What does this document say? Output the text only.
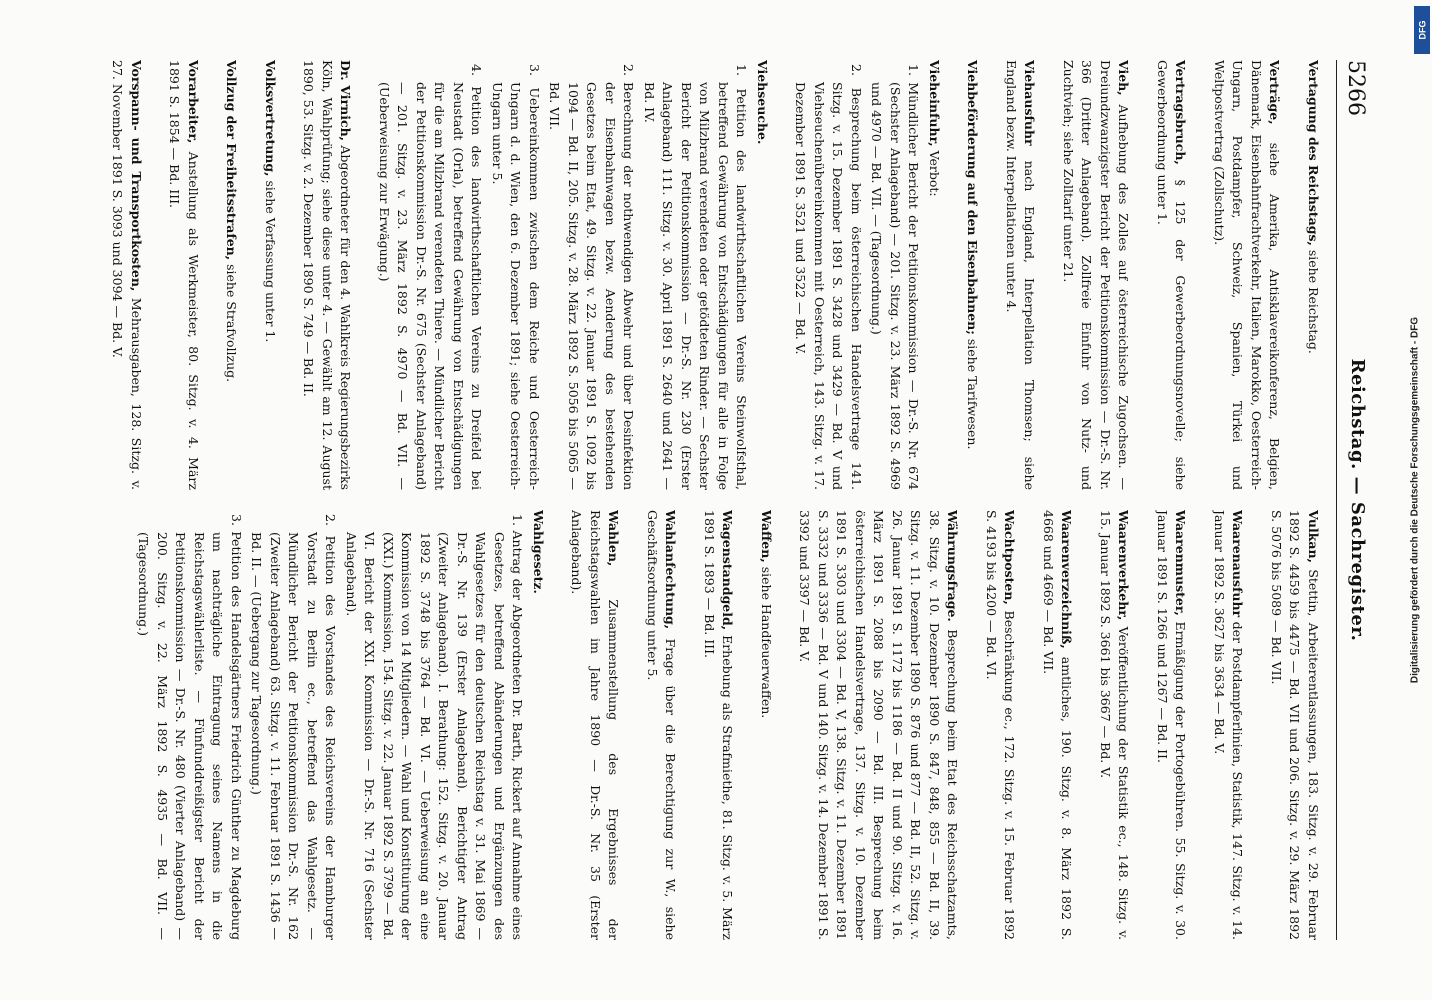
5266
Reichstag. — Sachregister.
Vertagung des Reichstags, siehe Reichstag.
Verträge, siehe Amerika, Antisklavereikonferenz, Belgien, Dänemark, Eisenbahnfrachtverkehr, Italien, Marokko, Oesterreich-Ungarn, Postdampfer, Schweiz, Spanien, Türkei und Weltpostvertrag (Zollschutz).
Vertragsbruch, § 125 der Gewerbeordnungsnovelle; siehe Gewerbeordnung unter 1.
Vieh, Aufhebung des Zolles auf österreichische Zugochsen. — Dreiundzwanzigster Bericht der Petitionskommission — Dr.-S. Nr. 366 (Dritter Anlageband). Zollfreie Einfuhr von Nutz- und Zuchtvieh; siehe Zolltarif unter 21.
Viehausfuhr nach England, Interpellation Thomsen; siehe England bezw. Interpellationen unter 4.
Viehbeförderung auf den Eisenbahnen; siehe Tarifwesen.
Vieheinfuhr, Verbot:
1. Mündlicher Bericht der Petitionskommission — Dr.-S. Nr. 674 (Sechster Anlageband) — 201. Sitzg. v. 23. März 1892 S. 4969 und 4970 — Bd. VII. — (Tagesordnung.)
2. Besprechung beim österreichischen Handelsvertrage 141. Sitzg. v. 15. Dezember 1891 S. 3428 und 3429 — Bd. V und Viehseuchenübereinkommen mit Oesterreich, 143. Sitzg. v. 17. Dezember 1891 S. 3521 und 3522 — Bd. V.
Viehseuche.
1. Petition des landwirthschaftlichen Vereins Steinwolfsthal, betreffend Gewährung von Entschädigungen für alle in Folge von Milzbrand verendeten oder getödteten Rinder. — Sechster Bericht der Petitionskommission — Dr.-S. Nr. 230 (Erster Anlageband) 111. Sitzg. v. 30. April 1891 S. 2640 und 2641 — Bd. IV.
2. Berechnung der nothwendigen Abwehr und über Desinfektion der Eisenbahnwagen bezw. Aenderung des bestehenden Gesetzes beim Etat, 49. Sitzg. v. 22. Januar 1891 S. 1092 bis 1094 — Bd. II, 205. Sitzg. v. 28. März 1892 S. 5056 bis 5065 — Bd. VII.
3. Uebereinkommen zwischen dem Reiche und Oesterreich-Ungarn d. d. Wien, den 6. Dezember 1891; siehe Oesterreich-Ungarn unter 5.
4. Petition des landwirthschaftlichen Vereins zu Dreifeld bei Neustadt (Orla), betreffend Gewährung von Entschädigungen für die am Milzbrand verendeten Thiere. — Mündlicher Bericht der Petitionskommission Dr.-S. Nr. 675 (Sechster Anlageband) — 201. Sitzg. v. 23. März 1892 S. 4970 — Bd. VII. — (Ueberweisung zur Erwägung.)
Dr. Virnich, Abgeordneter für den 4. Wahlkreis Regierungsbezirks Köln, Wahlprüfung; siehe diese unter 4. — Gewählt am 12. August 1890, 53. Sitzg. v. 2. Dezember 1890 S. 749 — Bd. II.
Volksvertretung, siehe Verfassung unter 1.
Vollzug der Freiheitsstrafen, siehe Strafvollzug.
Vorarbeiter, Anstellung als Werkmeister, 80. Sitzg. v. 4. März 1891 S. 1854 — Bd. III.
Vorspann- und Transportkosten, Mehrausgaben, 128. Sitzg. v. 27. November 1891 S. 3093 und 3094 — Bd. V.
Vulkan, Stettin, Arbeiterentlassungen, 183. Sitzg. v. 29. Februar 1892 S. 4459 bis 4475 — Bd. VII und 206. Sitzg. v. 29. März 1892 S. 5076 bis 5089 — Bd. VII.
Waarenausfuhr der Postdampferlinien, Statistik, 147. Sitzg. v. 14. Januar 1892 S. 3627 bis 3634 — Bd. V.
Waarenmuster, Ermäßigung der Portogebühren. 55. Sitzg. v. 30. Januar 1891 S. 1266 und 1267 — Bd. II.
Waarenverkehr, Veröffentlichung der Statistik ec., 148. Sitzg. v. 15. Januar 1892 S. 3661 bis 3667 — Bd. V.
Waarenverzeichniß, amtliches, 190. Sitzg. v. 8. März 1892 S. 4668 und 4669 — Bd. VII.
Wachtposten, Beschränkung ec., 172. Sitzg. v. 15. Februar 1892 S. 4193 bis 4200 — Bd. VI.
Währungsfrage. Besprechung beim Etat des Reichsschatzamts, 38. Sitzg. v. 10. Dezember 1890 S. 847, 848, 855 — Bd. II, 39. Sitzg. v. 11. Dezember 1890 S. 876 und 877 — Bd. II, 52. Sitzg. v. 26. Januar 1891 S. 1172 bis 1186 — Bd. II und 90. Sitzg. v. 16. März 1891 S. 2088 bis 2090 — Bd. III. Besprechung beim österreichischen Handelsvertrage, 137. Sitzg. v. 10. Dezember 1891 S. 3303 und 3304 — Bd. V, 138. Sitzg. v. 11. Dezember 1891 S. 3332 und 3336 — Bd. V und 140. Sitzg. v. 14. Dezember 1891 S. 3392 und 3397 — Bd. V.
Waffen, siehe Handfeuerwaffen.
Wagenstandgeld, Erhebung als Strafmiethe, 81. Sitzg. v. 5. März 1891 S. 1893 — Bd. III.
Wahlanfechtung, Frage über die Berechtigung zur W., siehe Geschäftsordnung unter 5.
Wahlen, Zusammenstellung des Ergebnisses der Reichstagswahlen im Jahre 1890 — Dr.-S. Nr. 35 (Erster Anlageband).
Wahlgesetz.
1. Antrag der Abgeordneten Dr. Barth, Rickert auf Annahme eines Gesetzes, betreffend Abänderungen und Ergänzungen des Wahlgesetzes für den deutschen Reichstag v. 31. Mai 1869 — Dr.-S. Nr. 139 (Erster Anlageband). Berichtigter Antrag (Zweiter Anlageband). I. Berathung: 152. Sitzg. v. 20. Januar 1892 S. 3748 bis 3764 — Bd. VI. — Ueberweisung an eine Kommission von 14 Mitgliedern. — Wahl und Konstituirung der (XXI.) Kommission, 154. Sitzg. v. 22. Januar 1892 S. 3799 — Bd. VI. Bericht der XXI. Kommission — Dr.-S. Nr. 716 (Sechster Anlageband).
2. Petition des Vorstandes des Reichsvereins der Hamburger Vorstadt zu Berlin ec., betreffend das Wahlgesetz. — Mündlicher Bericht der Petitionskommission Dr.-S. Nr. 162 (Zweiter Anlageband) 63. Sitzg. v. 11. Februar 1891 S. 1436 — Bd. II. — (Uebergang zur Tagesordnung.)
3. Petition des Handelsgärtners Friedrich Günther zu Magdeburg um nachträgliche Eintragung seines Namens in die Reichstagswählerliste. — Fünfunddreißigster Bericht der Petitionskommission — Dr.-S. Nr. 480 (Vierter Anlageband) — 200. Sitzg. v. 22. März 1892 S. 4935 — Bd. VII. — (Tagesordnung.)
DFG
Digitalisierung gefördert durch die Deutsche Forschungsgemeinschaft - DFG
